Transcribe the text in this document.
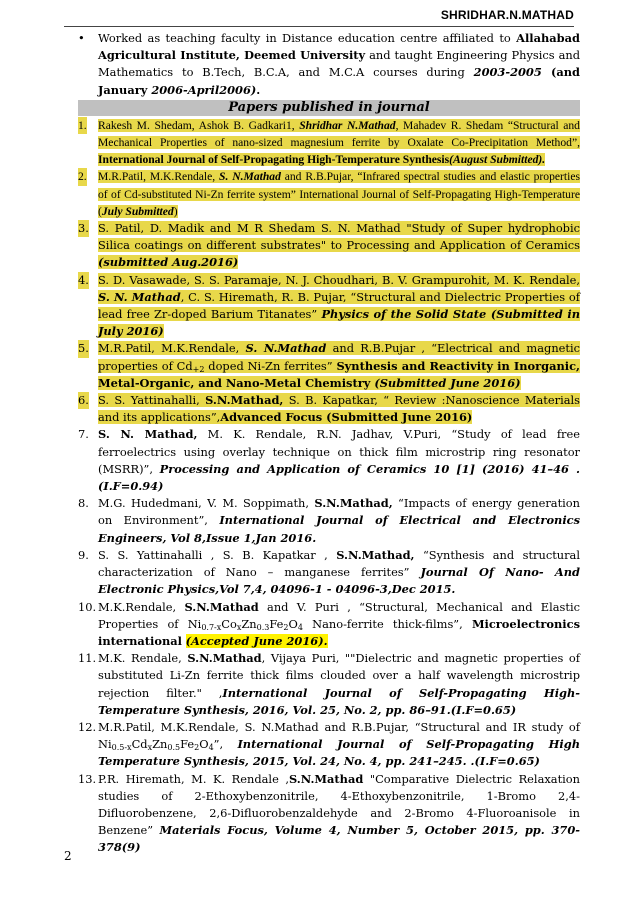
SHRIDHAR.N.MATHAD
• Worked as teaching faculty in Distance education centre affiliated to Allahabad Agricultural Institute, Deemed University and taught Engineering Physics and Mathematics to B.Tech, B.C.A, and M.C.A courses during 2003-2005 (and January 2006-April2006).
Papers published in journal
1. Rakesh M. Shedam, Ashok B. Gadkari1, Shridhar N.Mathad, Mahadev R. Shedam “Structural and Mechanical Properties of nano-sized magnesium ferrite by Oxalate Co-Precipitation Method”, International Journal of Self-Propagating High-Temperature Synthesis(August Submitted).
2. M.R.Patil, M.K.Rendale, S. N.Mathad and R.B.Pujar, “Infrared spectral studies and elastic properties of of Cd-substituted Ni-Zn ferrite system” International Journal of Self-Propagating High-Temperature (July Submitted)
3. S. Patil, D. Madik and M R Shedam S. N. Mathad "Study of Super hydrophobic Silica coatings on different substrates" to Processing and Application of Ceramics (submitted Aug.2016)
4. S. D. Vasawade, S. S. Paramaje, N. J. Choudhari, B. V. Grampurohit, M. K. Rendale, S. N. Mathad, C. S. Hiremath, R. B. Pujar, “Structural and Dielectric Properties of lead free Zr-doped Barium Titanates” Physics of the Solid State (Submitted in July 2016)
5. M.R.Patil, M.K.Rendale, S. N.Mathad and R.B.Pujar , “Electrical and magnetic properties of $Cd_{+2}$ doped Ni-Zn ferrites” Synthesis and Reactivity in Inorganic, Metal-Organic, and Nano-Metal Chemistry (Submitted June 2016)
6. S. S. Yattinahalli, S.N.Mathad, S. B. Kapatkar, “ Review :Nanoscience Materials and its applications”,Advanced Focus (Submitted June 2016)
7. S. N. Mathad, M. K. Rendale, R.N. Jadhav, V.Puri, “Study of lead free ferroelectrics using overlay technique on thick film microstrip ring resonator (MSRR)”, Processing and Application of Ceramics 10 [1] (2016) 41–46 .(I.F=0.94)
8. M.G. Hudedmani, V. M. Soppimath, S.N.Mathad, “Impacts of energy generation on Environment”, International Journal of Electrical and Electronics Engineers, Vol 8,Issue 1,Jan 2016.
9. S. S. Yattinahalli , S. B. Kapatkar , S.N.Mathad, “Synthesis and structural characterization of Nano – manganese ferrites” Journal Of Nano- And Electronic Physics,Vol 7,4, 04096-1 - 04096-3,Dec 2015.
10. M.K.Rendale, S.N.Mathad and V. Puri , “Structural, Mechanical and Elastic Properties of $Ni_{0.7-x}Co_xZn_{0.3}Fe_2O_4$ Nano-ferrite thick-films”, Microelectronics international (Accepted June 2016).
11. M.K. Rendale, S.N.Mathad, Vijaya Puri, ""Dielectric and magnetic properties of substituted Li-Zn ferrite thick films clouded over a half wavelength microstrip rejection filter." ,International Journal of Self-Propagating High-Temperature Synthesis, 2016, Vol. 25, No. 2, pp. 86–91.(I.F=0.65)
12. M.R.Patil, M.K.Rendale, S. N.Mathad and R.B.Pujar, “Structural and IR study of $Ni_{0.5-x}Cd_xZn_{0.5}Fe_2O_4$”, International Journal of Self-Propagating High Temperature Synthesis, 2015, Vol. 24, No. 4, pp. 241–245. .(I.F=0.65)
13. P.R. Hiremath, M. K. Rendale ,S.N.Mathad "Comparative Dielectric Relaxation studies of 2-Ethoxybenzonitrile, 4-Ethoxybenzonitrile, 1-Bromo 2,4-Difluorobenzene, 2,6-Difluorobenzaldehyde and 2-Bromo 4-Fluoroanisole in Benzene” Materials Focus, Volume 4, Number 5, October 2015, pp. 370-378(9)
2
